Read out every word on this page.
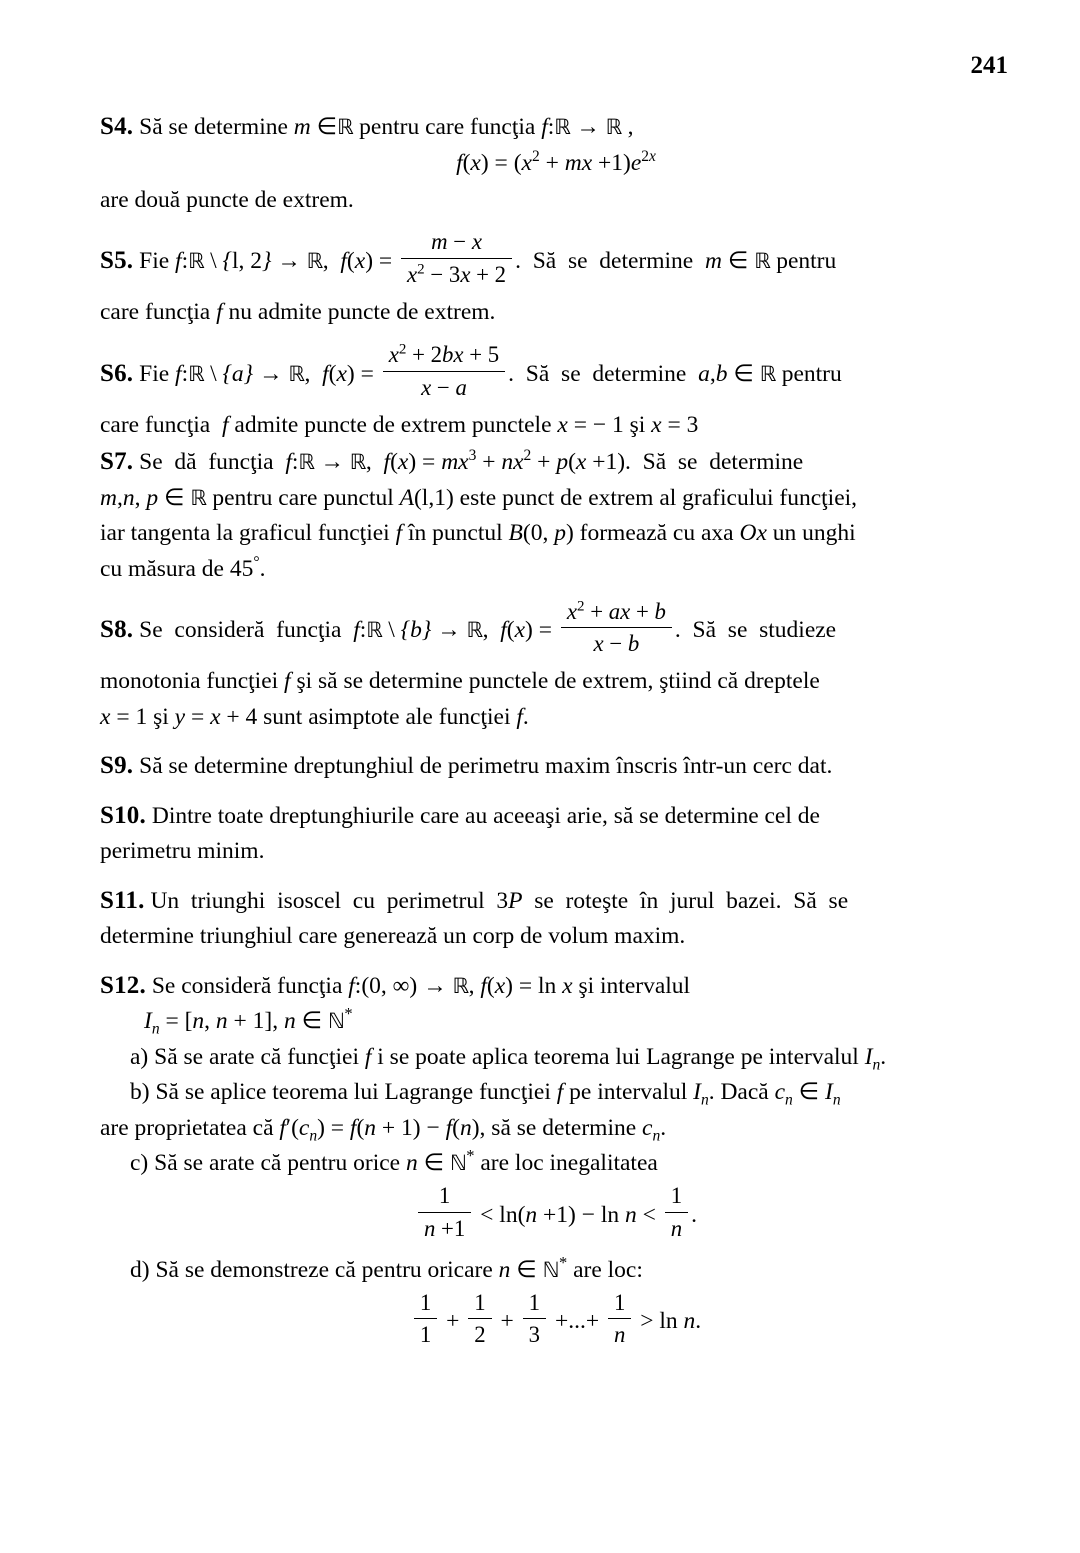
241
S4. Să se determine m ∈ℝ pentru care funcţia f:ℝ → ℝ ,
$f(x) = (x^2$ + mx $+1)e^{2x}$
are două puncte de extrem.
S5. Fie f:ℝ \ {l, 2} → ℝ,  $f(x) = \frac{m - x}{x^2 - 3x + 2}$ .  Să  se  determine  m ∈ ℝ pentru
care funcţia f nu admite puncte de extrem.
S6. Fie f:ℝ \ {a} → ℝ,  $f(x) = \frac{x^2 + 2bx + 5}{x - a}$ .  Să  se  determine  a,b ∈ ℝ pentru
care funcţia  f admite puncte de extrem punctele x = − 1 şi x = 3
S7. Se  dă  funcţia  f:ℝ → ℝ,  $f(x) = mx^3 + nx^2 + p(x +1)$.  Să  se  determine
m,n, p ∈ ℝ pentru care punctul A(l,1) este punct de extrem al graficului funcţiei,
iar tangenta la graficul funcţiei f în punctul B(0, p) formează cu axa Ox un unghi
cu măsura de 45°.
S8. Se  consideră  funcţia  f:ℝ \ {b} → ℝ,  $f(x) = \frac{x^2 + ax + b}{x - b}$ .  Să  se  studieze
monotonia funcţiei f şi să se determine punctele de extrem, ştiind că dreptele
x = 1 şi y = x + 4 sunt asimptote ale funcţiei f.
S9. Să se determine dreptunghiul de perimetru maxim înscris într-un cerc dat.
S10. Dintre toate dreptunghiurile care au aceeaşi arie, să se determine cel de
perimetru minim.
S11. Un  triunghi  isoscel  cu  perimetrul  3P  se  roteşte  în  jurul  bazei.  Să  se
determine triunghiul care generează un corp de volum maxim.
S12. Se consideră funcţia f:(0, ∞) → ℝ, f(x) = ln x şi intervalul
$I_n = [n$, n + 1], n ∈ ℕ*
a) Să se arate că funcţiei f i se poate aplica teorema lui Lagrange pe intervalul $I_n$.
b) Să se aplice teorema lui Lagrange funcţiei f pe intervalul $I_n$. Dacă $c_n$ ∈ $I_n$
are proprietatea că $f'(c_n) = f(n + 1) - f(n)$, să se determine $c_n$.
c) Să se arate că pentru orice n ∈ ℕ* are loc inegalitatea
$\frac{1}{n +1} < \ln(n +1) - \ln n < \frac{1}{n}$ .
d) Să se demonstreze că pentru oricare n ∈ ℕ* are loc:
$\frac{1}{1} + \frac{1}{2} + \frac{1}{3}$ +...+ $\frac{1}{n} > \ln n$.
